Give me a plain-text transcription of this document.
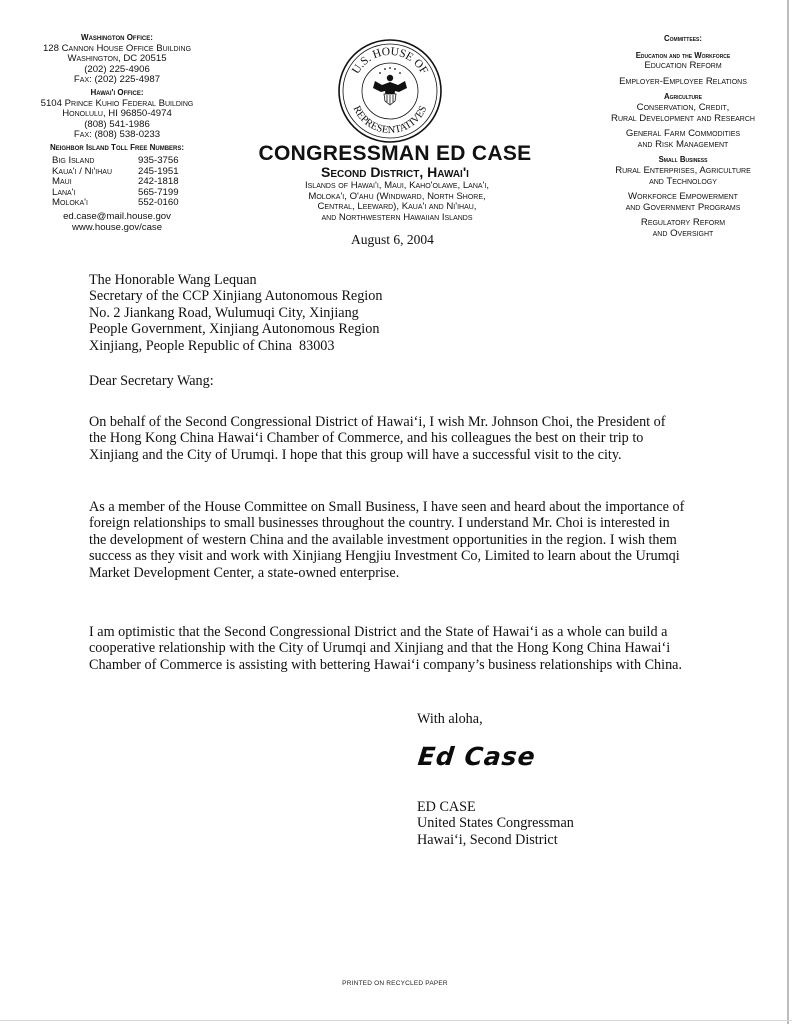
Washington Office:
128 Cannon House Office Building
Washington, DC 20515
(202) 225-4906
Fax: (202) 225-4987
Hawai'i Office:
5104 Prince Kuhio Federal Building
Honolulu, HI 96850-4974
(808) 541-1986
Fax: (808) 538-0233
Neighbor Island Toll Free Numbers:
Big Island	935-3756
Kaua'i / Ni'ihau	245-1951
Maui	242-1818
Lana'i	565-7199
Moloka'i	552-0160
ed.case@mail.house.gov
www.house.gov/case
U.S. HOUSE OF
REPRESENTATIVES
CONGRESSMAN ED CASE
Second District, Hawai'i
Islands of Hawai'i, Maui, Kaho'olawe, Lana'i,
Moloka'i, O'ahu (Windward, North Shore,
Central, Leeward), Kaua'i and Ni'ihau,
and Northwestern Hawaiian Islands
Committees:
Education and the Workforce
Education Reform
Employer-Employee Relations
Agriculture
Conservation, Credit,
Rural Development and Research
General Farm Commodities
and Risk Management
Small Business
Rural Enterprises, Agriculture
and Technology
Workforce Empowerment
and Government Programs
Regulatory Reform
and Oversight
August 6, 2004
The Honorable Wang Lequan
Secretary of the CCP Xinjiang Autonomous Region
No. 2 Jiankang Road, Wulumuqi City, Xinjiang
People Government, Xinjiang Autonomous Region
Xinjiang, People Republic of China  83003
Dear Secretary Wang:

On behalf of the Second Congressional District of Hawai‘i, I wish Mr. Johnson Choi, the President of the Hong Kong China Hawai‘i Chamber of Commerce, and his colleagues the best on their trip to Xinjiang and the City of Urumqi. I hope that this group will have a successful visit to the city.

As a member of the House Committee on Small Business, I have seen and heard about the importance of foreign relationships to small businesses throughout the country. I understand Mr. Choi is interested in the development of western China and the available investment opportunities in the region. I wish them success as they visit and work with Xinjiang Hengjiu Investment Co, Limited to learn about the Urumqi Market Development Center, a state-owned enterprise.

I am optimistic that the Second Congressional District and the State of Hawai‘i as a whole can build a cooperative relationship with the City of Urumqi and Xinjiang and that the Hong Kong China Hawai‘i Chamber of Commerce is assisting with bettering Hawai‘i company’s business relationships with China.

With aloha,
Ed Case
ED CASE
United States Congressman
Hawai‘i, Second District
PRINTED ON RECYCLED PAPER
